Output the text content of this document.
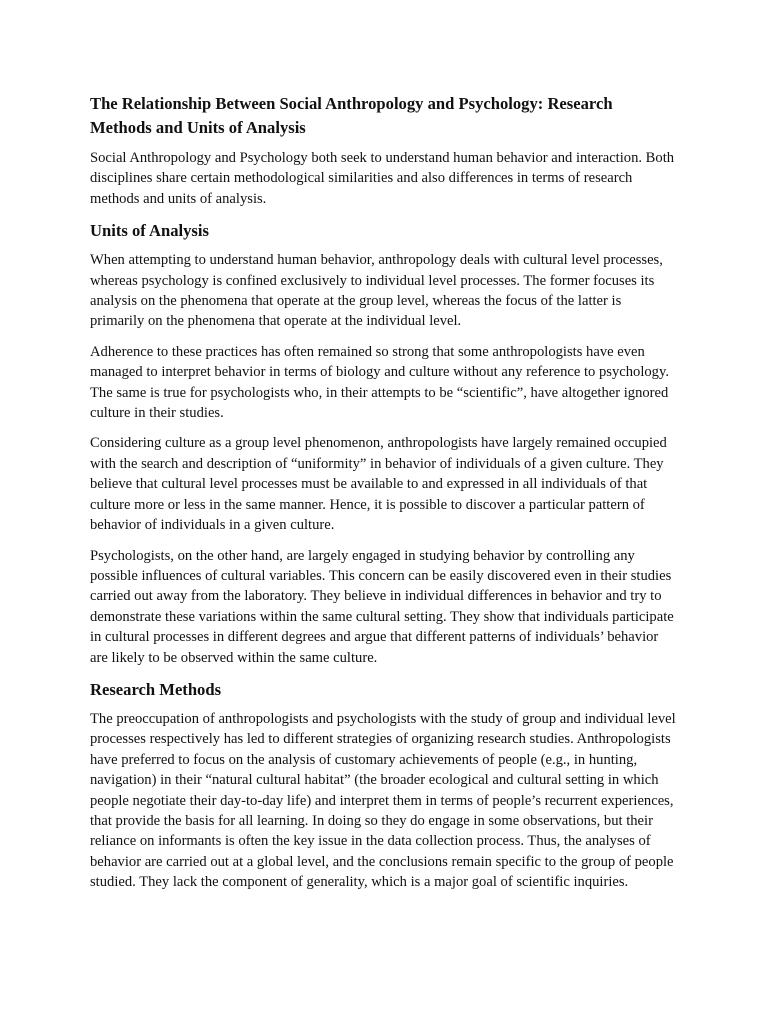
The Relationship Between Social Anthropology and Psychology: Research Methods and Units of Analysis

Social Anthropology and Psychology both seek to understand human behavior and interaction. Both disciplines share certain methodological similarities and also differences in terms of research methods and units of analysis.

Units of Analysis

When attempting to understand human behavior, anthropology deals with cultural level processes, whereas psychology is confined exclusively to individual level processes. The former focuses its analysis on the phenomena that operate at the group level, whereas the focus of the latter is primarily on the phenomena that operate at the individual level.

Adherence to these practices has often remained so strong that some anthropologists have even managed to interpret behavior in terms of biology and culture without any reference to psychology. The same is true for psychologists who, in their attempts to be “scientific”, have altogether ignored culture in their studies.

Considering culture as a group level phenomenon, anthropologists have largely remained occupied with the search and description of “uniformity” in behavior of individuals of a given culture. They believe that cultural level processes must be available to and expressed in all individuals of that culture more or less in the same manner. Hence, it is possible to discover a particular pattern of behavior of individuals in a given culture.

Psychologists, on the other hand, are largely engaged in studying behavior by controlling any possible influences of cultural variables. This concern can be easily discovered even in their studies carried out away from the laboratory. They believe in individual differences in behavior and try to demonstrate these variations within the same cultural setting. They show that individuals participate in cultural processes in different degrees and argue that different patterns of individuals’ behavior are likely to be observed within the same culture.

Research Methods

The preoccupation of anthropologists and psychologists with the study of group and individual level processes respectively has led to different strategies of organizing research studies. Anthropologists have preferred to focus on the analysis of customary achievements of people (e.g., in hunting, navigation) in their “natural cultural habitat” (the broader ecological and cultural setting in which people negotiate their day-to-day life) and interpret them in terms of people’s recurrent experiences, that provide the basis for all learning. In doing so they do engage in some observations, but their reliance on informants is often the key issue in the data collection process. Thus, the analyses of behavior are carried out at a global level, and the conclusions remain specific to the group of people studied. They lack the component of generality, which is a major goal of scientific inquiries.
